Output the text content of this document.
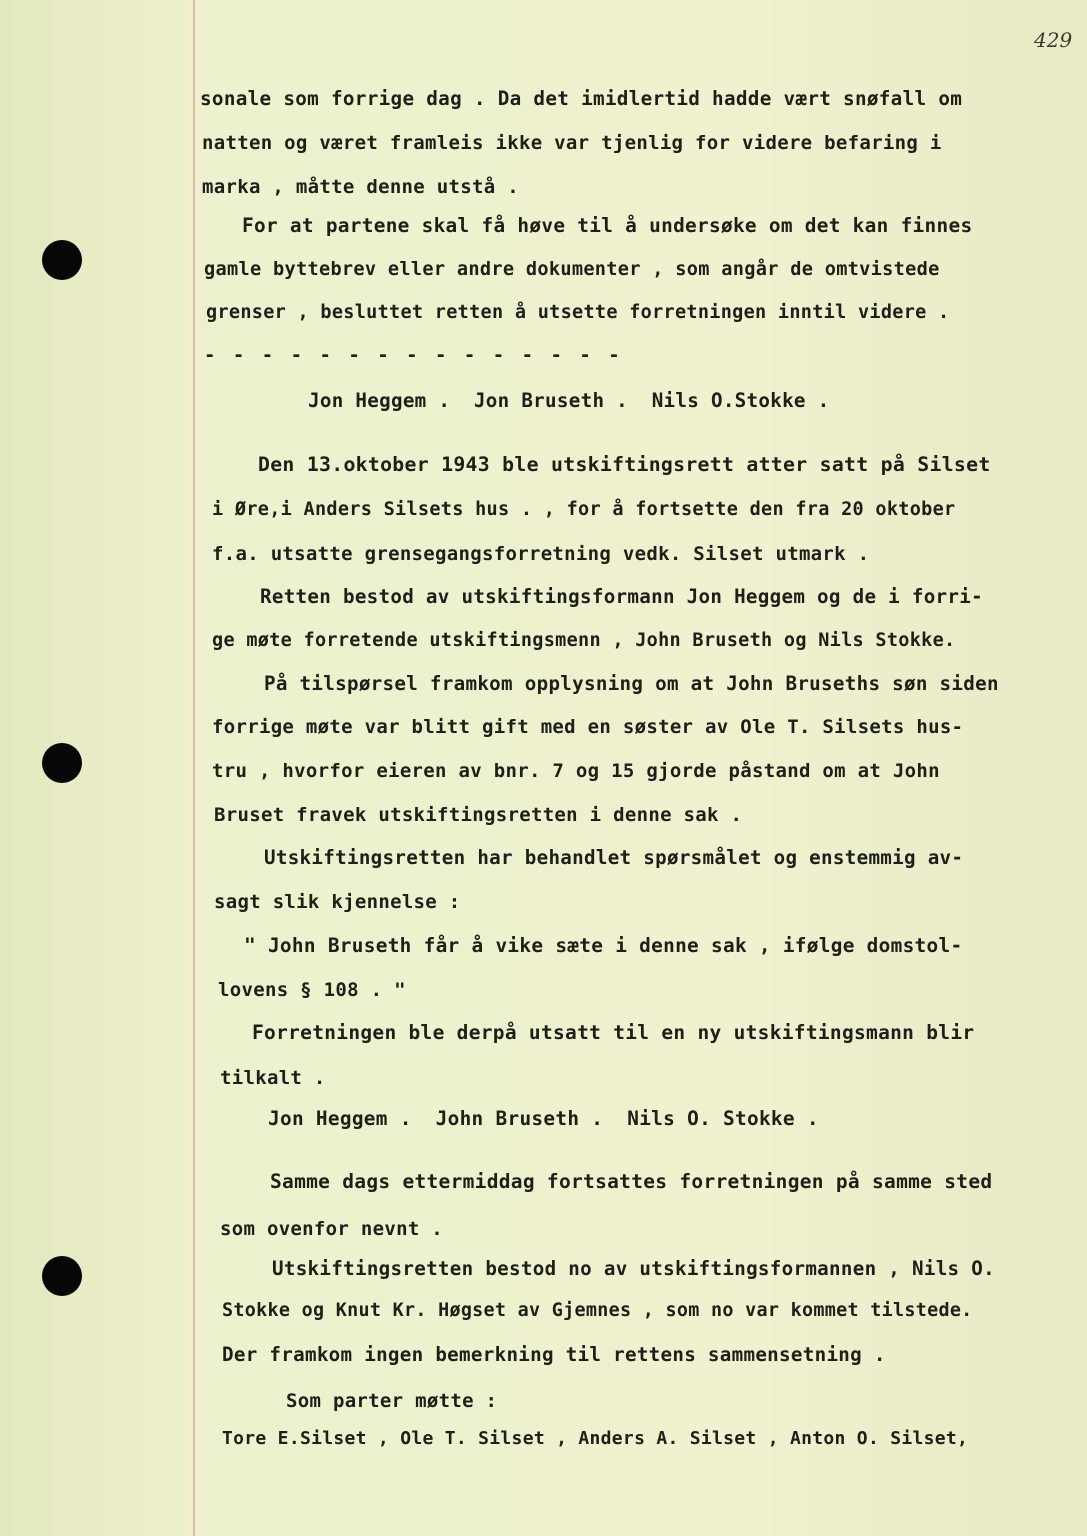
429
sonale som forrige dag . Da det imidlertid hadde vært snøfall om
natten og været framleis ikke var tjenlig for videre befaring i
marka , måtte denne utstå .
For at partene skal få høve til å undersøke om det kan finnes
gamle byttebrev eller andre dokumenter , som angår de omtvistede
grenser , besluttet retten å utsette forretningen inntil videre .
- - - - - - - - - - - - - - -
Jon Heggem .  Jon Bruseth .  Nils O.Stokke .
Den 13.oktober 1943 ble utskiftingsrett atter satt på Silset
i Øre,i Anders Silsets hus . , for å fortsette den fra 20 oktober
f.a. utsatte grensegangsforretning vedk. Silset utmark .
Retten bestod av utskiftingsformann Jon Heggem og de i forri-
ge møte forretende utskiftingsmenn , John Bruseth og Nils Stokke.
På tilspørsel framkom opplysning om at John Bruseths søn siden
forrige møte var blitt gift med en søster av Ole T. Silsets hus-
tru , hvorfor eieren av bnr. 7 og 15 gjorde påstand om at John
Bruset fravek utskiftingsretten i denne sak .
Utskiftingsretten har behandlet spørsmålet og enstemmig av-
sagt slik kjennelse :
" John Bruseth får å vike sæte i denne sak , ifølge domstol-
lovens § 108 . "
Forretningen ble derpå utsatt til en ny utskiftingsmann blir
tilkalt .
Jon Heggem .  John Bruseth .  Nils O. Stokke .
Samme dags ettermiddag fortsattes forretningen på samme sted
som ovenfor nevnt .
Utskiftingsretten bestod no av utskiftingsformannen , Nils O.
Stokke og Knut Kr. Høgset av Gjemnes , som no var kommet tilstede.
Der framkom ingen bemerkning til rettens sammensetning .
Som parter møtte :
Tore E.Silset , Ole T. Silset , Anders A. Silset , Anton O. Silset,
